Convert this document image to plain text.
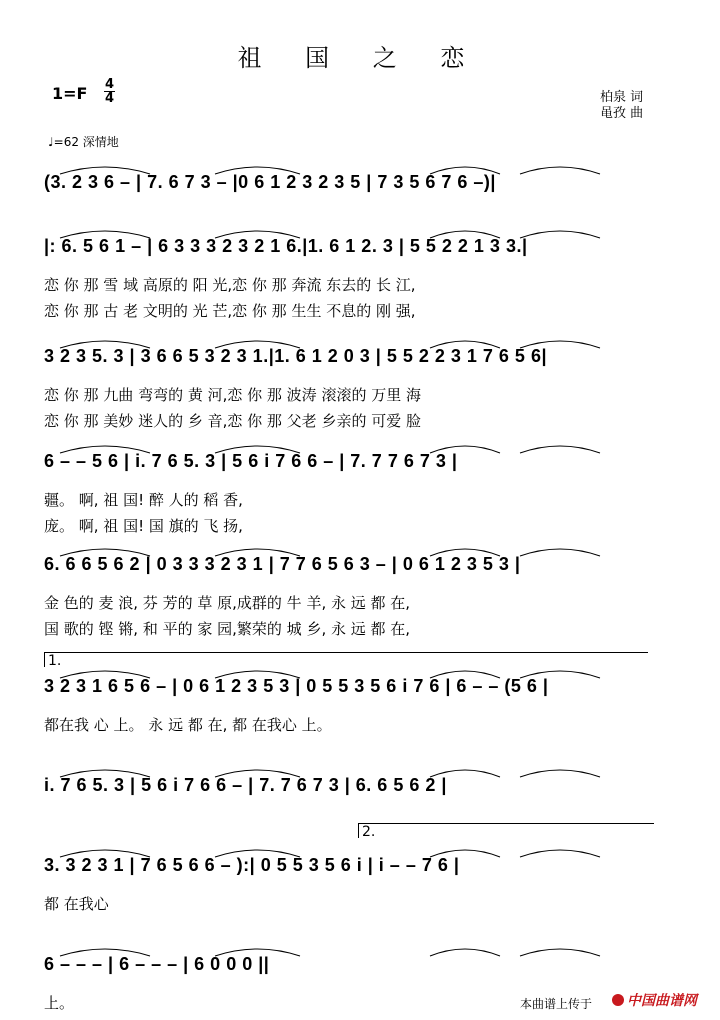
祖 国 之 恋
$1=F \frac{4}{4}$	柏泉 词
黾孜 曲
♩=62 深情地
(3. 2 3 6 – | 7. 6 7 3 – |0 6 1 2 3 2 3 5 | 7 3 5 6 7 6 –)|
|: 6. 5 6 1 – | 6 3 3 3 2 3 2 1 6.|1. 6 1 2. 3 | 5 5 2 2 1 3 3.|
恋 你 那 雪 域 高原的 阳 光,恋 你 那 奔流 东去的 长 江,
恋 你 那 古 老 文明的 光 芒,恋 你 那 生生 不息的 刚 强,
3 2 3 5. 3 | 3 6 6 5 3 2 3 1.|1. 6 1 2 0 3 | 5 5 2 2 3 1 7 6 5 6|
恋 你 那 九曲 弯弯的 黄 河,恋 你 那 波涛 滚滚的 万里 海
恋 你 那 美妙 迷人的 乡 音,恋 你 那 父老 乡亲的 可爱 脸
6 – – 5 6 | i. 7 6 5. 3 | 5 6 i 7 6 6 – | 7. 7 7 6 7 3 |
疆。 啊, 祖 国! 醉 人的 稻 香,
庞。 啊, 祖 国! 国 旗的 飞 扬,
6. 6 6 5 6 2 | 0 3 3 3 2 3 1 | 7 7 6 5 6 3 – | 0 6 1 2 3 5 3 |
金 色的 麦 浪, 芬 芳的 草 原,成群的 牛 羊, 永 远 都 在,
国 歌的 铿 锵, 和 平的 家 园,繁荣的 城 乡, 永 远 都 在,
3 2 3 1 6 5 6 – | 0 6 1 2 3 5 3 | 0 5 5 3 5 6 i 7 6 | 6 – – (5 6 |
都在我 心 上。 永 远 都 在, 都 在我心 上。
i. 7 6 5. 3 | 5 6 i 7 6 6 – | 7. 7 6 7 3 | 6. 6 5 6 2 |
3. 3 2 3 1 | 7 6 5 6 6 – ):| 0 5 5 3 5 6 i | i – – 7 6 |
都 在我心
6 – – – | 6 – – – | 6 0 0 0 ||
上。
1.
2.
本曲谱上传于	中国曲谱网
